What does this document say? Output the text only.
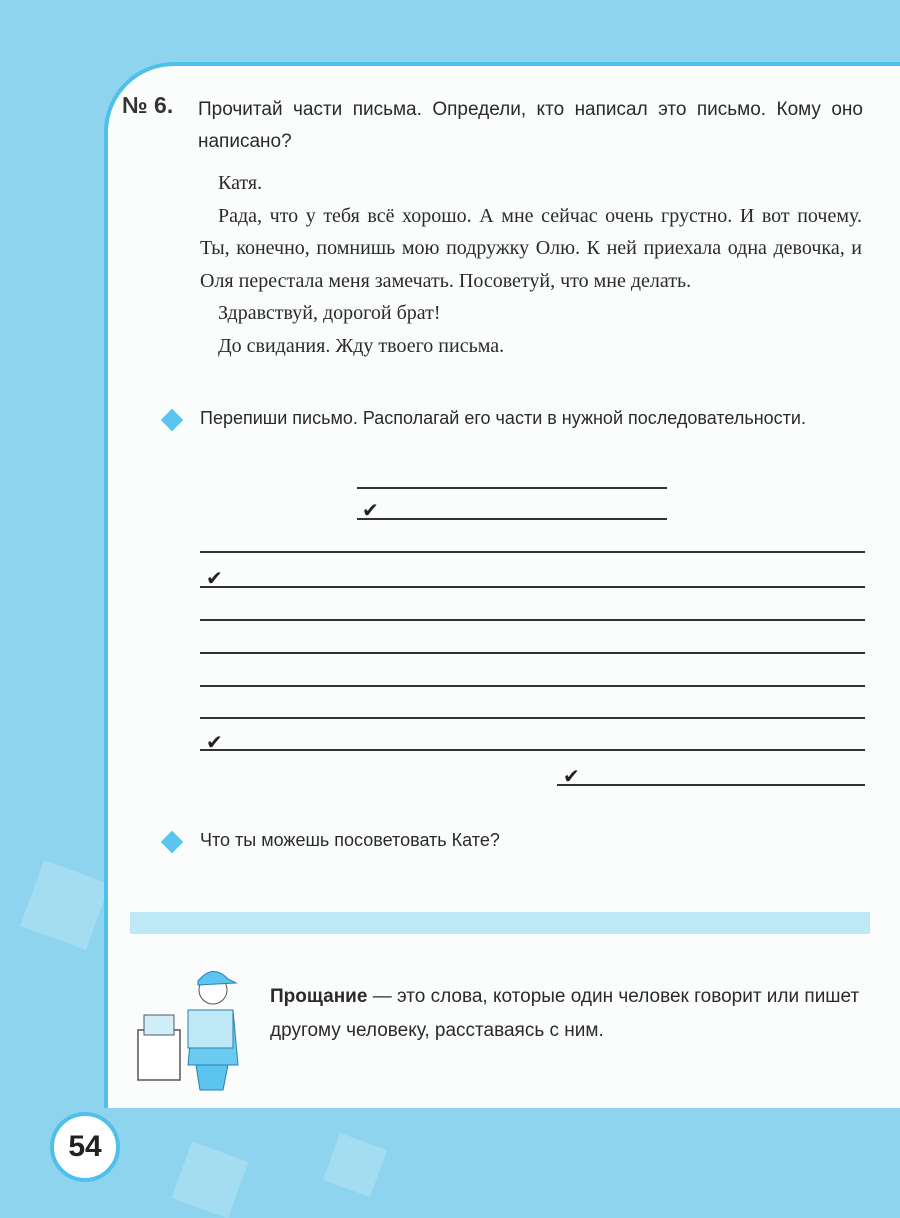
№ 6. Прочитай части письма. Определи, кто написал это письмо. Кому оно написано?

Катя.

Рада, что у тебя всё хорошо. А мне сейчас очень грустно. И вот почему. Ты, конечно, помнишь мою подружку Олю. К ней приехала одна девочка, и Оля перестала меня замечать. Посоветуй, что мне делать.

Здравствуй, дорогой брат!

До свидания. Жду твоего письма.

Перепиши письмо. Располагай его части в нужной последовательности.
✔
✔
✔
✔
Что ты можешь посоветовать Кате?
Прощание — это слова, которые один человек говорит или пишет другому человеку, расставаясь с ним.
54
